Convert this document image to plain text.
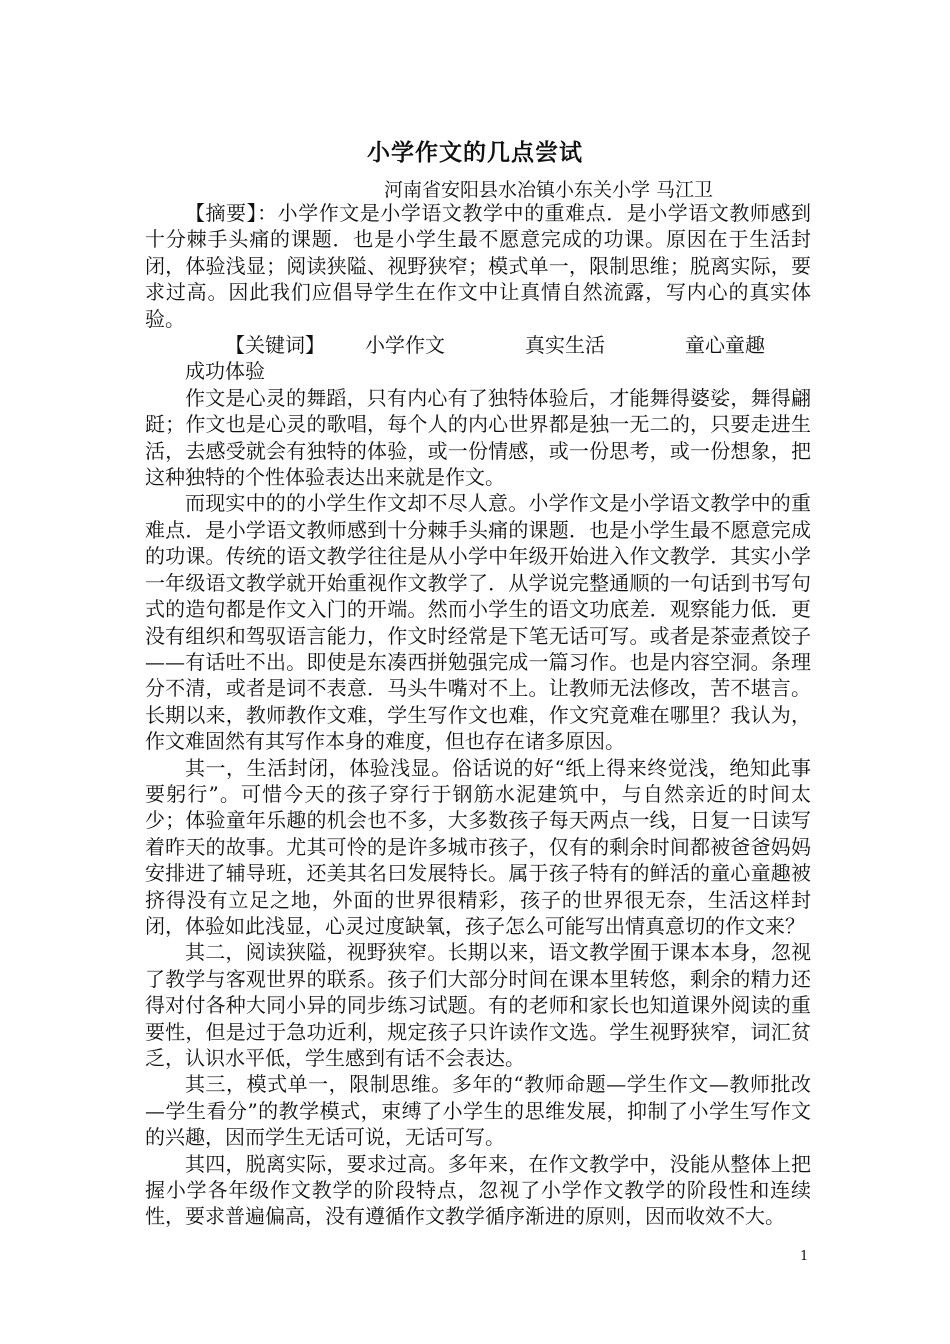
小学作文的几点尝试
河南省安阳县水冶镇小东关小学 马江卫

【摘要】：小学作文是小学语文教学中的重难点．是小学语文教师感到十分棘手头痛的课题．也是小学生最不愿意完成的功课。原因在于生活封闭，体验浅显；阅读狭隘、视野狭窄；模式单一，限制思维；脱离实际，要求过高。因此我们应倡导学生在作文中让真情自然流露，写内心的真实体验。

【关键词】 小学作文	真实生活	童心童趣成功体验

作文是心灵的舞蹈，只有内心有了独特体验后，才能舞得婆娑，舞得翩跹；作文也是心灵的歌唱，每个人的内心世界都是独一无二的，只要走进生活，去感受就会有独特的体验，或一份情感，或一份思考，或一份想象，把这种独特的个性体验表达出来就是作文。

而现实中的的小学生作文却不尽人意。小学作文是小学语文教学中的重难点．是小学语文教师感到十分棘手头痛的课题．也是小学生最不愿意完成的功课。传统的语文教学往往是从小学中年级开始进入作文教学．其实小学一年级语文教学就开始重视作文教学了．从学说完整通顺的一句话到书写句式的造句都是作文入门的开端。然而小学生的语文功底差．观察能力低．更没有组织和驾驭语言能力，作文时经常是下笔无话可写。或者是茶壶煮饺子——有话吐不出。即使是东凑西拼勉强完成一篇习作。也是内容空洞。条理分不清，或者是词不表意．马头牛嘴对不上。让教师无法修改，苦不堪言。长期以来，教师教作文难，学生写作文也难，作文究竟难在哪里？我认为，作文难固然有其写作本身的难度，但也存在诸多原因。

其一，生活封闭，体验浅显。俗话说的好“纸上得来终觉浅，绝知此事要躬行”。可惜今天的孩子穿行于钢筋水泥建筑中，与自然亲近的时间太少；体验童年乐趣的机会也不多，大多数孩子每天两点一线，日复一日读写着昨天的故事。尤其可怜的是许多城市孩子，仅有的剩余时间都被爸爸妈妈安排进了辅导班，还美其名曰发展特长。属于孩子特有的鲜活的童心童趣被挤得没有立足之地，外面的世界很精彩，孩子的世界很无奈，生活这样封闭，体验如此浅显，心灵过度缺氧，孩子怎么可能写出情真意切的作文来？

其二，阅读狭隘，视野狭窄。长期以来，语文教学囿于课本本身，忽视了教学与客观世界的联系。孩子们大部分时间在课本里转悠，剩余的精力还得对付各种大同小异的同步练习试题。有的老师和家长也知道课外阅读的重要性，但是过于急功近利，规定孩子只许读作文选。学生视野狭窄，词汇贫乏，认识水平低，学生感到有话不会表达。

其三，模式单一，限制思维。多年的“教师命题—学生作文—教师批改—学生看分”的教学模式，束缚了小学生的思维发展，抑制了小学生写作文的兴趣，因而学生无话可说，无话可写。

其四，脱离实际，要求过高。多年来，在作文教学中，没能从整体上把握小学各年级作文教学的阶段特点，忽视了小学作文教学的阶段性和连续性，要求普遍偏高，没有遵循作文教学循序渐进的原则，因而收效不大。

1
